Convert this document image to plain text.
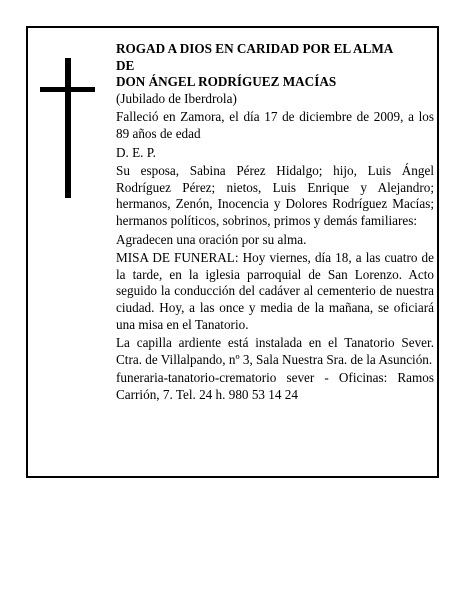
ROGAD A DIOS EN CARIDAD POR EL ALMA

DE

DON ÁNGEL RODRÍGUEZ MACÍAS

(Jubilado de Iberdrola)

Falleció en Zamora, el día 17 de diciembre de 2009, a los 89 años de edad

D. E. P.

Su esposa, Sabina Pérez Hidalgo; hijo, Luis Ángel Rodríguez Pérez; nietos, Luis Enrique y Alejandro; hermanos, Zenón, Inocencia y Dolores Rodríguez Macías; hermanos políticos, sobrinos, primos y demás familiares:

Agradecen una oración por su alma.

MISA DE FUNERAL: Hoy viernes, día 18, a las cuatro de la tarde, en la iglesia parroquial de San Lorenzo. Acto seguido la conducción del cadáver al cementerio de nuestra ciudad. Hoy, a las once y media de la mañana, se oficiará una misa en el Tanatorio.

La capilla ardiente está instalada en el Tanatorio Sever. Ctra. de Villalpando, nº 3, Sala Nuestra Sra. de la Asunción.

funeraria-tanatorio-crematorio sever - Oficinas: Ramos Carrión, 7. Tel. 24 h. 980 53 14 24
